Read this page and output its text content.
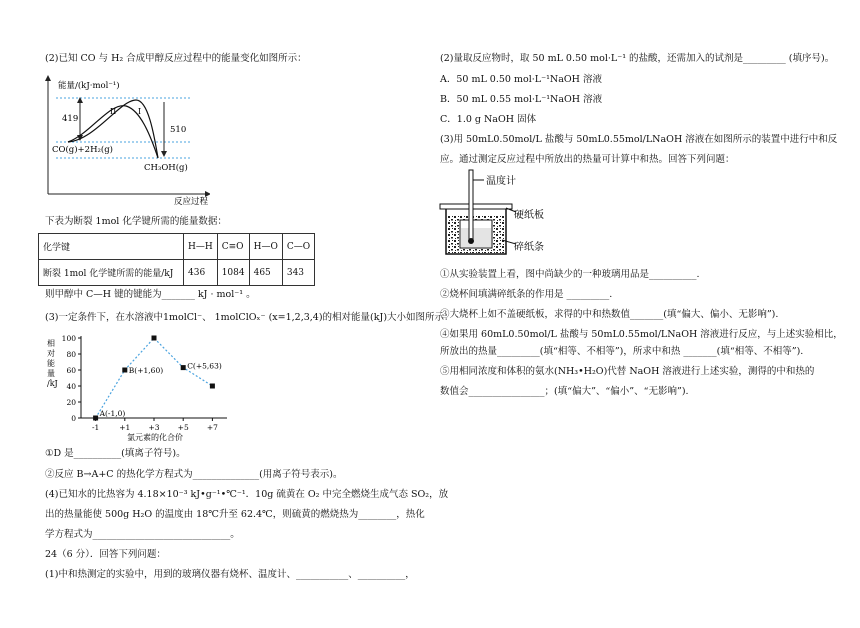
(2)已知 CO 与 H₂ 合成甲醇反应过程中的能量变化如图所示：
能量/(kJ·mol⁻¹)
419
510
II	I
CO(g)+2H₂(g)
CH₃OH(g)
反应过程
下表为断裂 1mol 化学键所需的能量数据：
化学键	H—H	C≡O	H—O	C—O
断裂 1mol 化学键所需的能量/kJ	436	1084	465	343
则甲醇中 C—H 键的键能为_______ kJ · mol⁻¹ 。
(3)一定条件下，在水溶液中1molCl⁻、 1molClOₓ⁻ (x=1,2,3,4)的相对能量(kJ)大小如图所示：
相
对
能
量
/kJ
0
20
40
60
80
100
-1	+1 +3 +5 +7
A(-1,0)
B(+1,60)	C(+5,63)
氯元素的化合价
①D 是__________(填离子符号)。
②反应 B→A+C 的热化学方程式为______________(用离子符号表示)。
(4)已知水的比热容为 4.18×10⁻³ kJ•g⁻¹•℃⁻¹．10g 硫黄在 O₂ 中完全燃烧生成气态 SO₂，放
出的热量能使 500g H₂O 的温度由 18℃升至 62.4℃，则硫黄的燃烧热为________，热化
学方程式为_____________________________。
24（6 分）．回答下列问题：
(1)中和热测定的实验中，用到的玻璃仪器有烧杯、温度计、___________、__________，
(2)量取反应物时，取 50 mL 0.50 mol·L⁻¹ 的盐酸，还需加入的试剂是_________ (填序号)。
A．50 mL 0.50 mol·L⁻¹NaOH 溶液
B．50 mL 0.55 mol·L⁻¹NaOH 溶液
C．1.0 g NaOH 固体
(3)用 50mL0.50mol/L 盐酸与 50mL0.55mol/LNaOH 溶液在如图所示的装置中进行中和反
应。通过测定反应过程中所放出的热量可计算中和热。回答下列问题：
温度计
硬纸板
碎纸条
①从实验装置上看，图中尚缺少的一种玻璃用品是__________.
②烧杯间填满碎纸条的作用是 _________.
③大烧杯上如不盖硬纸板，求得的中和热数值_______(填“偏大、偏小、无影响”).
④如果用 60mL0.50mol/L 盐酸与 50mL0.55mol/LNaOH 溶液进行反应，与上述实验相比，
所放出的热量_________(填“相等、不相等”)，所求中和热 _______(填“相等、不相等”).
⑤用相同浓度和体积的氨水(NH₃•H₂O)代替 NaOH 溶液进行上述实验，测得的中和热的
数值会________________；(填“偏大”、“偏小”、“无影响”).
